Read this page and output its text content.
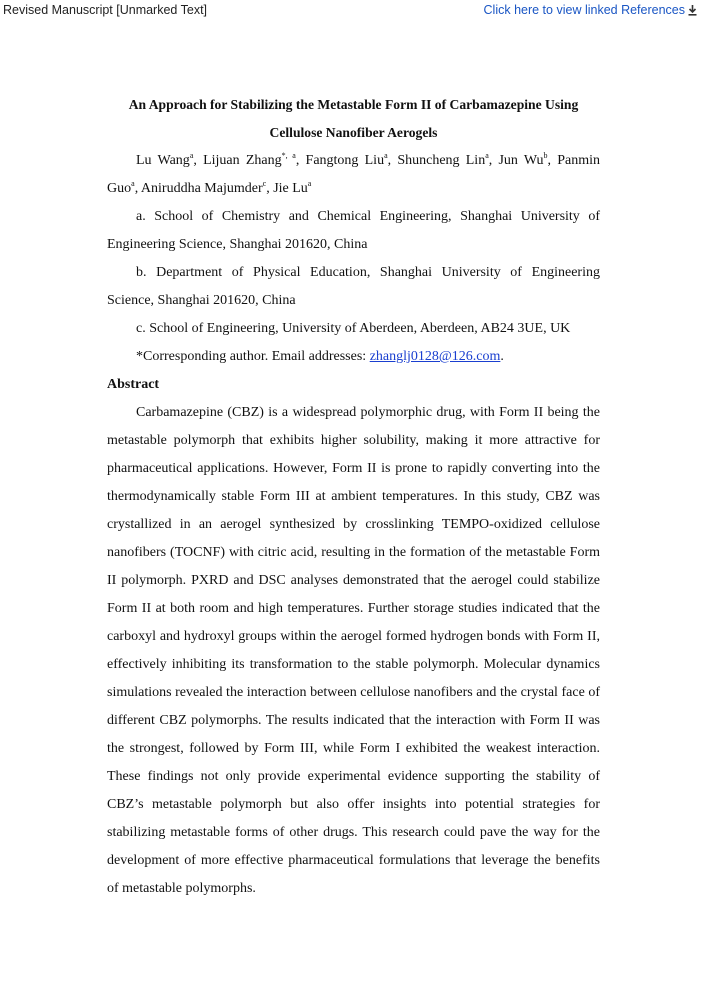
Revised Manuscript [Unmarked Text]	Click here to view linked References
An Approach for Stabilizing the Metastable Form II of Carbamazepine Using
Cellulose Nanofiber Aerogels

Lu Wang$^a$, Lijuan Zhang$^{*, a}$, Fangtong Liu$^a$, Shuncheng Lin$^a$, Jun Wu$^b$, Panmin Guo$^a$, Aniruddha Majumder$^c$, Jie Lu$^a$

a. School of Chemistry and Chemical Engineering, Shanghai University of Engineering Science, Shanghai 201620, China

b. Department of Physical Education, Shanghai University of Engineering Science, Shanghai 201620, China

c. School of Engineering, University of Aberdeen, Aberdeen, AB24 3UE, UK

*Corresponding author. Email addresses: zhanglj0128@126.com.

Abstract

Carbamazepine (CBZ) is a widespread polymorphic drug, with Form II being the metastable polymorph that exhibits higher solubility, making it more attractive for pharmaceutical applications. However, Form II is prone to rapidly converting into the thermodynamically stable Form III at ambient temperatures. In this study, CBZ was crystallized in an aerogel synthesized by crosslinking TEMPO-oxidized cellulose nanofibers (TOCNF) with citric acid, resulting in the formation of the metastable Form II polymorph. PXRD and DSC analyses demonstrated that the aerogel could stabilize Form II at both room and high temperatures. Further storage studies indicated that the carboxyl and hydroxyl groups within the aerogel formed hydrogen bonds with Form II, effectively inhibiting its transformation to the stable polymorph. Molecular dynamics simulations revealed the interaction between cellulose nanofibers and the crystal face of different CBZ polymorphs. The results indicated that the interaction with Form II was the strongest, followed by Form III, while Form I exhibited the weakest interaction. These findings not only provide experimental evidence supporting the stability of CBZ’s metastable polymorph but also offer insights into potential strategies for stabilizing metastable forms of other drugs. This research could pave the way for the development of more effective pharmaceutical formulations that leverage the benefits of metastable polymorphs.
